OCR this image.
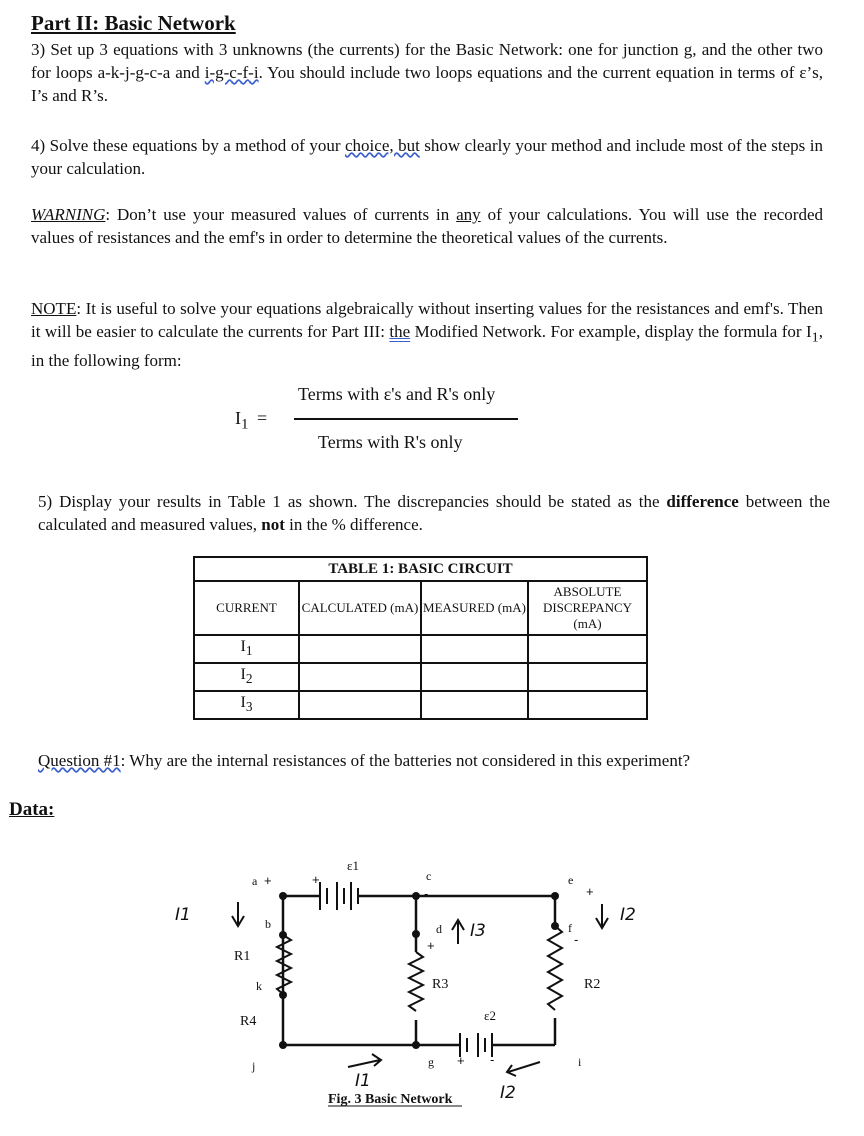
Part II: Basic Network
3) Set up 3 equations with 3 unknowns (the currents) for the Basic Network: one for junction g, and the other two for loops a-k-j-g-c-a and i-g-c-f-i. You should include two loops equations and the current equation in terms of ε’s, I’s and R’s.
4) Solve these equations by a method of your choice, but show clearly your method and include most of the steps in your calculation.
WARNING: Don’t use your measured values of currents in any of your calculations. You will use the recorded values of resistances and the emf's in order to determine the theoretical values of the currents.
NOTE: It is useful to solve your equations algebraically without inserting values for the resistances and emf's. Then it will be easier to calculate the currents for Part III: the Modified Network. For example, display the formula for $I_1$, in the following form:
$I_1$ =
Terms with ε's and R's only
Terms with R's only
5) Display your results in Table 1 as shown. The discrepancies should be stated as the difference between the calculated and measured values, not in the % difference.
TABLE 1: BASIC CIRCUIT			
CURRENT	CALCULATED (mA)	MEASURED (mA)	ABSOLUTE DISCREPANCY (mA)
$I_1$			
$I_2$			
$I_3$			
Question #1: Why are the internal resistances of the batteries not considered in this experiment?
Data:
a
b
c
d
e
f
g	i
j
k
R1
R4
R3	R2
ε1
ε2
+	+
-
+
+
-
+ -
I1
I3
I2
I1
I2
Fig. 3 Basic Network
